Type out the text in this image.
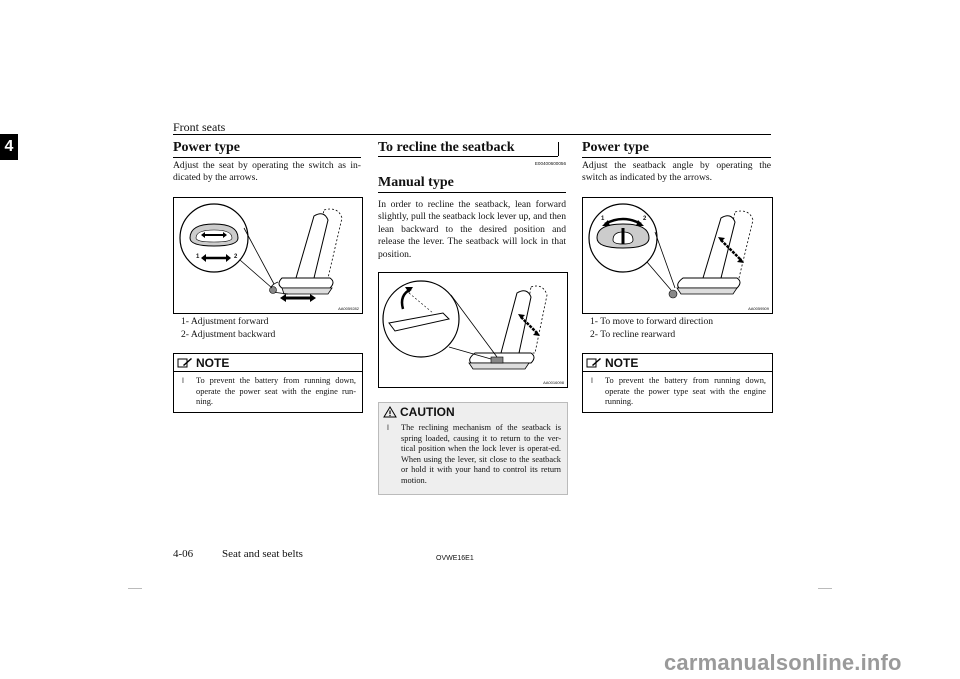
Front seats
4	Power type
Adjust the seat by operating the switch as in-dicated by the arrows.
1	2
AA0059282
1- Adjustment forward
2- Adjustment backward
NOTE
l	To prevent the battery from running down, operate the power seat with the engine run-ning.
To recline the seatback
E00400600056
Manual type
In order to recline the seatback, lean forward slightly, pull the seatback lock lever up, and then lean backward to the desired position and release the lever. The seatback will lock in that position.
AA0016098
CAUTION
l	The reclining mechanism of the seatback is spring loaded, causing it to return to the ver-tical position when the lock lever is operat-ed. When using the lever, sit close to the seatback or hold it with your hand to control its return motion.
Power type
Adjust the seatback angle by operating the switch as indicated by the arrows.
1	2
AA0059509
1- To move to forward direction
2- To recline rearward
NOTE
l	To prevent the battery from running down, operate the power type seat with the engine running.
4-06	Seat and seat belts	OVWE16E1
carmanualsonline.info
